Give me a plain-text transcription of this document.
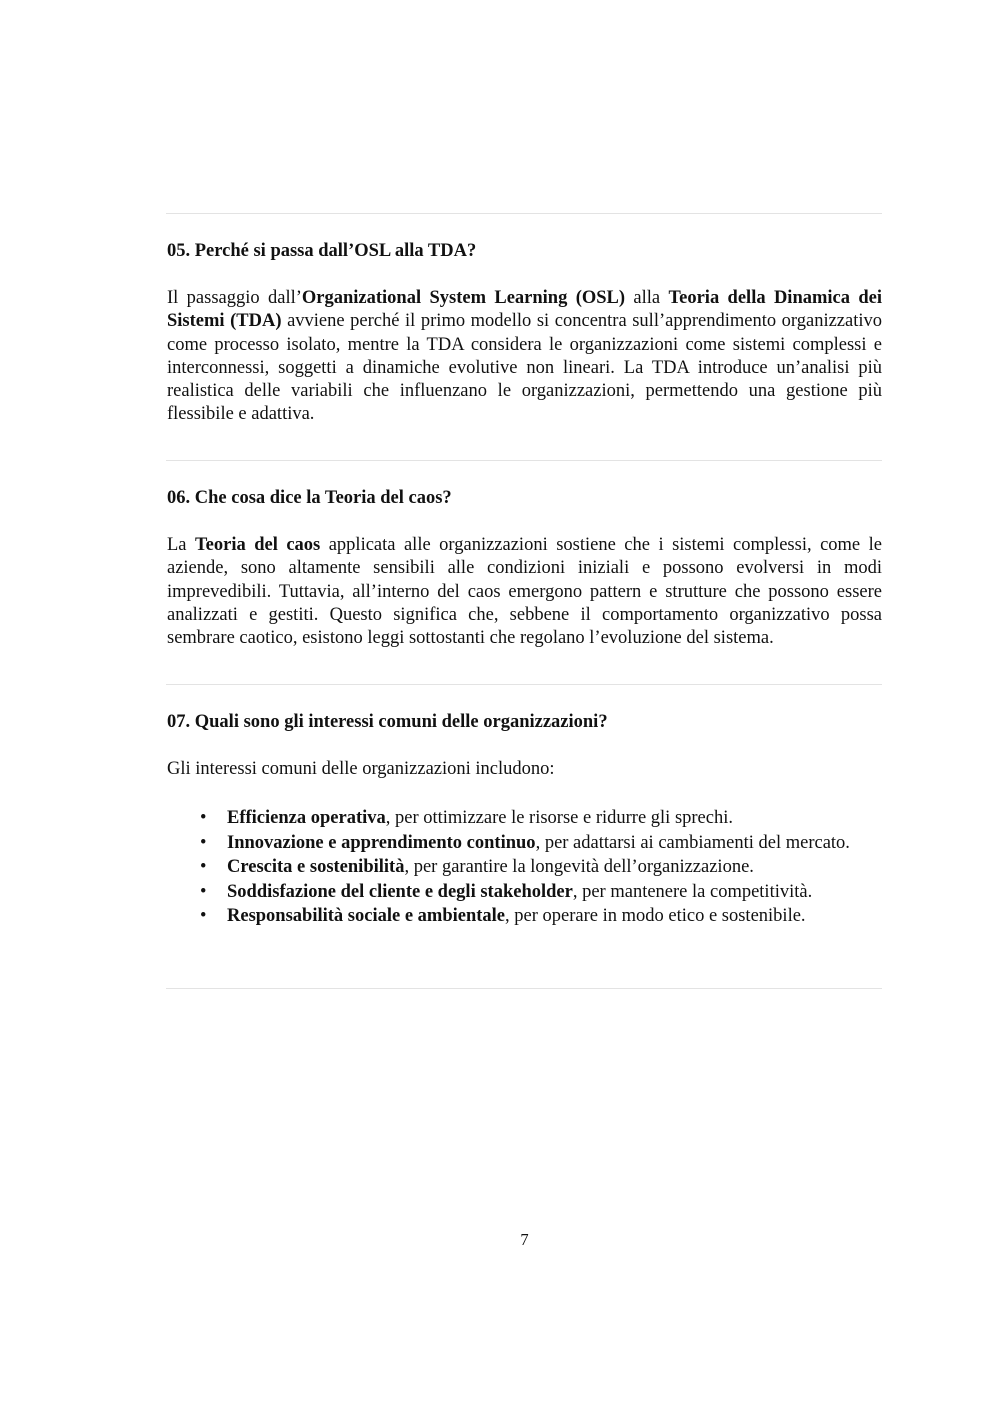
05. Perché si passa dall’OSL alla TDA?

Il passaggio dall’Organizational System Learning (OSL) alla Teoria della Dinamica dei Sistemi (TDA) avviene perché il primo modello si concentra sull’apprendimento organizzativo come processo isolato, mentre la TDA considera le organizzazioni come sistemi complessi e interconnessi, soggetti a dinamiche evolutive non lineari. La TDA introduce un’analisi più realistica delle variabili che influenzano le organizzazioni, permettendo una gestione più flessibile e adattiva.

06. Che cosa dice la Teoria del caos?

La Teoria del caos applicata alle organizzazioni sostiene che i sistemi complessi, come le aziende, sono altamente sensibili alle condizioni iniziali e possono evolversi in modi imprevedibili. Tuttavia, all’interno del caos emergono pattern e strutture che possono essere analizzati e gestiti. Questo significa che, sebbene il comportamento organizzativo possa sembrare caotico, esistono leggi sottostanti che regolano l’evoluzione del sistema.

07. Quali sono gli interessi comuni delle organizzazioni?

Gli interessi comuni delle organizzazioni includono:

• Efficienza operativa, per ottimizzare le risorse e ridurre gli sprechi.
• Innovazione e apprendimento continuo, per adattarsi ai cambiamenti del mercato.
• Crescita e sostenibilità, per garantire la longevità dell’organizzazione.
• Soddisfazione del cliente e degli stakeholder, per mantenere la competitività.
• Responsabilità sociale e ambientale, per operare in modo etico e sostenibile.
7
